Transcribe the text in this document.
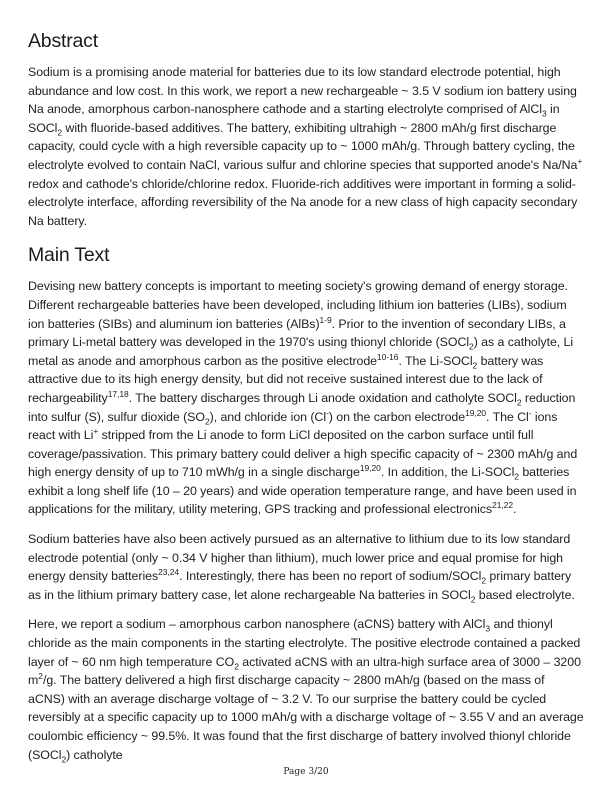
Abstract

Sodium is a promising anode material for batteries due to its low standard electrode potential, high abundance and low cost. In this work, we report a new rechargeable ~ 3.5 V sodium ion battery using Na anode, amorphous carbon-nanosphere cathode and a starting electrolyte comprised of AlCl$_3$ in SOCl$_2$ with fluoride-based additives. The battery, exhibiting ultrahigh ~ 2800 mAh/g first discharge capacity, could cycle with a high reversible capacity up to ~ 1000 mAh/g. Through battery cycling, the electrolyte evolved to contain NaCl, various sulfur and chlorine species that supported anode's Na/Na+ redox and cathode's chloride/chlorine redox. Fluoride-rich additives were important in forming a solid-electrolyte interface, affording reversibility of the Na anode for a new class of high capacity secondary Na battery.

Main Text

Devising new battery concepts is important to meeting society's growing demand of energy storage. Different rechargeable batteries have been developed, including lithium ion batteries (LIBs), sodium ion batteries (SIBs) and aluminum ion batteries (AlBs)$^{1-9}$. Prior to the invention of secondary LIBs, a primary Li-metal battery was developed in the 1970's using thionyl chloride (SOCl$_2$) as a catholyte, Li metal as anode and amorphous carbon as the positive electrode$^{10-16}$. The Li-SOCl$_2$ battery was attractive due to its high energy density, but did not receive sustained interest due to the lack of rechargeability$^{17,18}$. The battery discharges through Li anode oxidation and catholyte SOCl$_2$ reduction into sulfur (S), sulfur dioxide $(SO_2)$, and chloride ion (Cl-) on the carbon electrode$^{19,20}$. The Cl- ions react with Li+ stripped from the Li anode to form LiCl deposited on the carbon surface until full coverage/passivation. This primary battery could deliver a high specific capacity of ~ 2300 mAh/g and high energy density of up to 710 mWh/g in a single discharge$^{19,20}$. In addition, the Li-SOCl$_2$ batteries exhibit a long shelf life (10 – 20 years) and wide operation temperature range, and have been used in applications for the military, utility metering, GPS tracking and professional electronics$^{21,22}$.

Sodium batteries have also been actively pursued as an alternative to lithium due to its low standard electrode potential (only ~ 0.34 V higher than lithium), much lower price and equal promise for high energy density batteries$^{23,24}$. Interestingly, there has been no report of sodium/SOCl$_2$ primary battery as in the lithium primary battery case, let alone rechargeable Na batteries in SOCl$_2$ based electrolyte.

Here, we report a sodium – amorphous carbon nanosphere (aCNS) battery with AlCl$_3$ and thionyl chloride as the main components in the starting electrolyte. The positive electrode contained a packed layer of ~ 60 nm high temperature $CO_2$ activated aCNS with an ultra-high surface area of 3000 – 3200 $m^2/g$. The battery delivered a high first discharge capacity ~ 2800 mAh/g (based on the mass of aCNS) with an average discharge voltage of ~ 3.2 V. To our surprise the battery could be cycled reversibly at a specific capacity up to 1000 mAh/g with a discharge voltage of ~ 3.55 V and an average coulombic efficiency ~ 99.5%. It was found that the first discharge of battery involved thionyl chloride (SOCl$_2$) catholyte

Page 3/20
